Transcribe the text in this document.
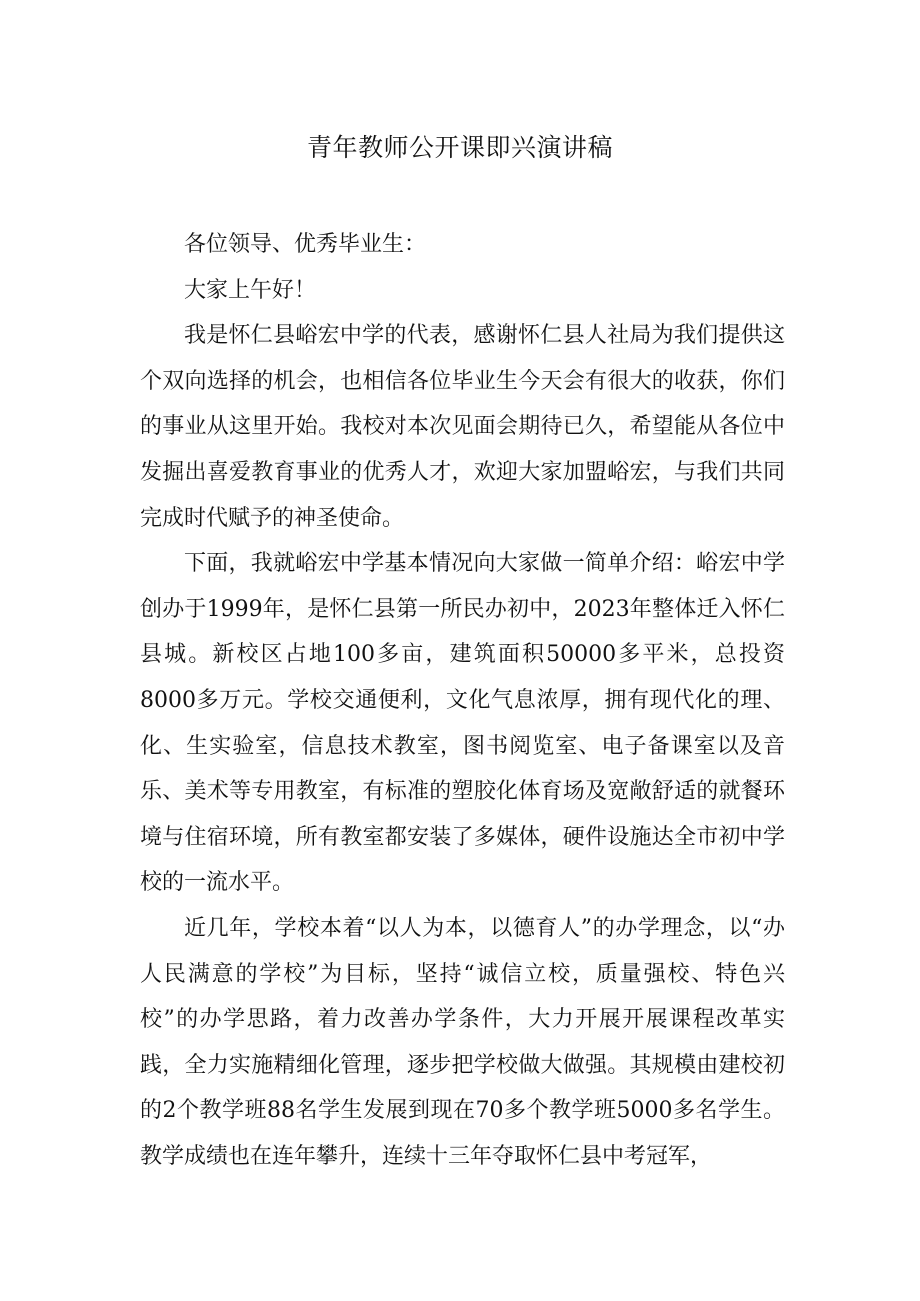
青年教师公开课即兴演讲稿

各位领导、优秀毕业生：

大家上午好！

我是怀仁县峪宏中学的代表，感谢怀仁县人社局为我们提供这个双向选择的机会，也相信各位毕业生今天会有很大的收获，你们的事业从这里开始。我校对本次见面会期待已久，希望能从各位中发掘出喜爱教育事业的优秀人才，欢迎大家加盟峪宏，与我们共同完成时代赋予的神圣使命。

下面，我就峪宏中学基本情况向大家做一简单介绍：峪宏中学创办于1999年，是怀仁县第一所民办初中，2023年整体迁入怀仁县城。新校区占地100多亩，建筑面积50000多平米，总投资8000多万元。学校交通便利，文化气息浓厚，拥有现代化的理、化、生实验室，信息技术教室，图书阅览室、电子备课室以及音乐、美术等专用教室，有标准的塑胶化体育场及宽敞舒适的就餐环境与住宿环境，所有教室都安装了多媒体，硬件设施达全市初中学校的一流水平。

近几年，学校本着“以人为本，以德育人”的办学理念，以“办人民满意的学校”为目标，坚持“诚信立校，质量强校、特色兴校”的办学思路，着力改善办学条件，大力开展开展课程改革实践，全力实施精细化管理，逐步把学校做大做强。其规模由建校初的2个教学班88名学生发展到现在70多个教学班5000多名学生。教学成绩也在连年攀升，连续十三年夺取怀仁县中考冠军，
